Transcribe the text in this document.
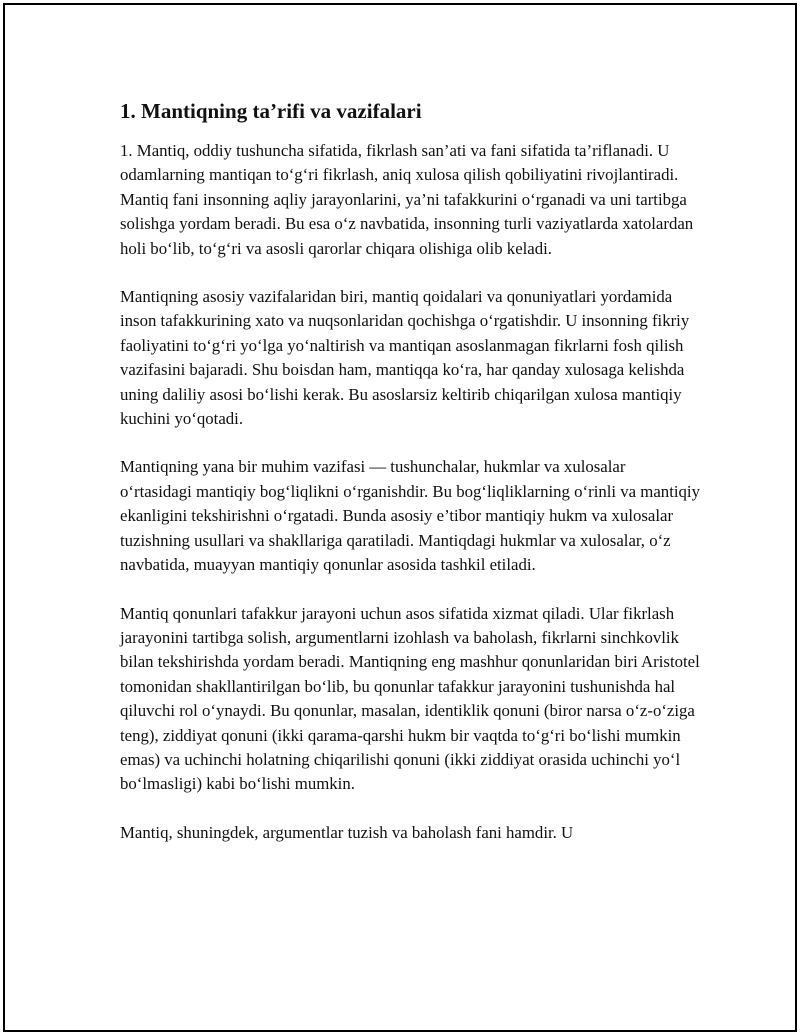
1. Mantiqning ta’rifi va vazifalari

1. Mantiq, oddiy tushuncha sifatida, fikrlash san’ati va fani sifatida ta’riflanadi. U odamlarning mantiqan to‘g‘ri fikrlash, aniq xulosa qilish qobiliyatini rivojlantiradi. Mantiq fani insonning aqliy jarayonlarini, ya’ni tafakkurini o‘rganadi va uni tartibga solishga yordam beradi. Bu esa o‘z navbatida, insonning turli vaziyatlarda xatolardan holi bo‘lib, to‘g‘ri va asosli qarorlar chiqara olishiga olib keladi.

Mantiqning asosiy vazifalaridan biri, mantiq qoidalari va qonuniyatlari yordamida inson tafakkurining xato va nuqsonlaridan qochishga o‘rgatishdir. U insonning fikriy faoliyatini to‘g‘ri yo‘lga yo‘naltirish va mantiqan asoslanmagan fikrlarni fosh qilish vazifasini bajaradi. Shu boisdan ham, mantiqqa ko‘ra, har qanday xulosaga kelishda uning daliliy asosi bo‘lishi kerak. Bu asoslarsiz keltirib chiqarilgan xulosa mantiqiy kuchini yo‘qotadi.

Mantiqning yana bir muhim vazifasi — tushunchalar, hukmlar va xulosalar o‘rtasidagi mantiqiy bog‘liqlikni o‘rganishdir. Bu bog‘liqliklarning o‘rinli va mantiqiy ekanligini tekshirishni o‘rgatadi. Bunda asosiy e’tibor mantiqiy hukm va xulosalar tuzishning usullari va shakllariga qaratiladi. Mantiqdagi hukmlar va xulosalar, o‘z navbatida, muayyan mantiqiy qonunlar asosida tashkil etiladi.

Mantiq qonunlari tafakkur jarayoni uchun asos sifatida xizmat qiladi. Ular fikrlash jarayonini tartibga solish, argumentlarni izohlash va baholash, fikrlarni sinchkovlik bilan tekshirishda yordam beradi. Mantiqning eng mashhur qonunlaridan biri Aristotel tomonidan shakllantirilgan bo‘lib, bu qonunlar tafakkur jarayonini tushunishda hal qiluvchi rol o‘ynaydi. Bu qonunlar, masalan, identiklik qonuni (biror narsa o‘z-o‘ziga teng), ziddiyat qonuni (ikki qarama-qarshi hukm bir vaqtda to‘g‘ri bo‘lishi mumkin emas) va uchinchi holatning chiqarilishi qonuni (ikki ziddiyat orasida uchinchi yo‘l bo‘lmasligi) kabi bo‘lishi mumkin.

Mantiq, shuningdek, argumentlar tuzish va baholash fani hamdir. U
